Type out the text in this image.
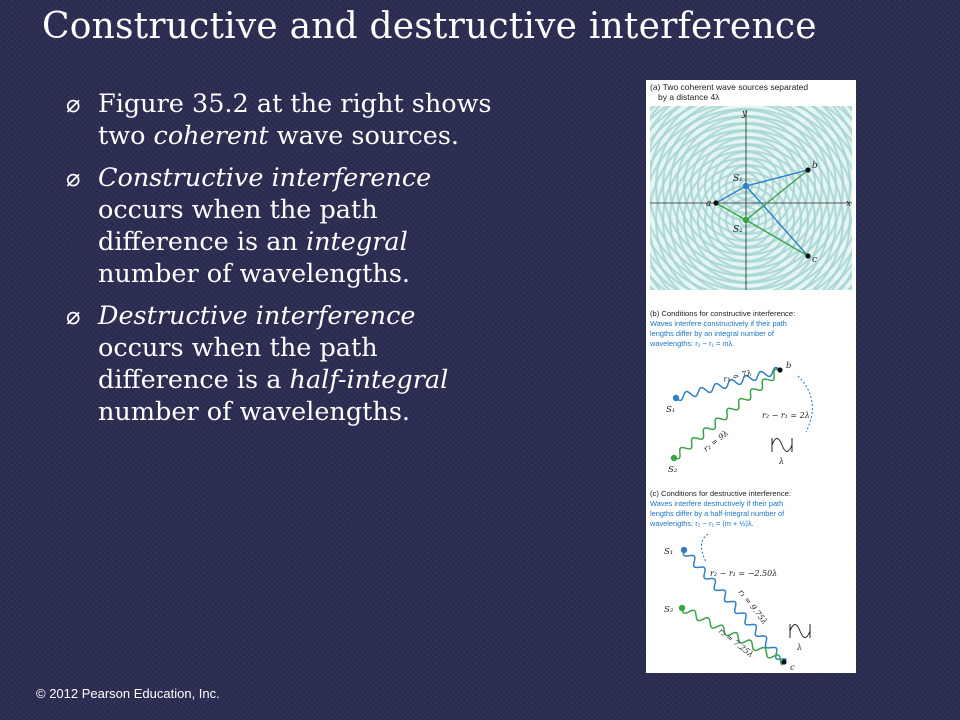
Constructive and destructive interference
⌀ Figure 35.2 at the right shows two coherent wave sources.
⌀ Constructive interference occurs when the path difference is an integral number of wavelengths.
⌀ Destructive interference occurs when the path difference is a half-integral number of wavelengths.
(a) Two coherent wave sources separated
by a distance 4λ
y
x
S₁
S₂
a
b
c
(b) Conditions for constructive interference:
Waves interfere constructively if their path
lengths differ by an integral number of
wavelengths: r₂ − r₁ = mλ.
S₁
S₂
b
r₁ = 7λ
r₂ = 9λ
r₂ − r₁ = 2λ
λ
(c) Conditions for destructive interference:
Waves interfere destructively if their path
lengths differ by a half-integral number of
wavelengths: r₂ − r₁ = (m + ½)λ.
S₁
S₂
c
r₂ − r₁ = −2.50λ
r₁ = 9.75λ
r₂ = 7.25λ	λ
© 2012 Pearson Education, Inc.
